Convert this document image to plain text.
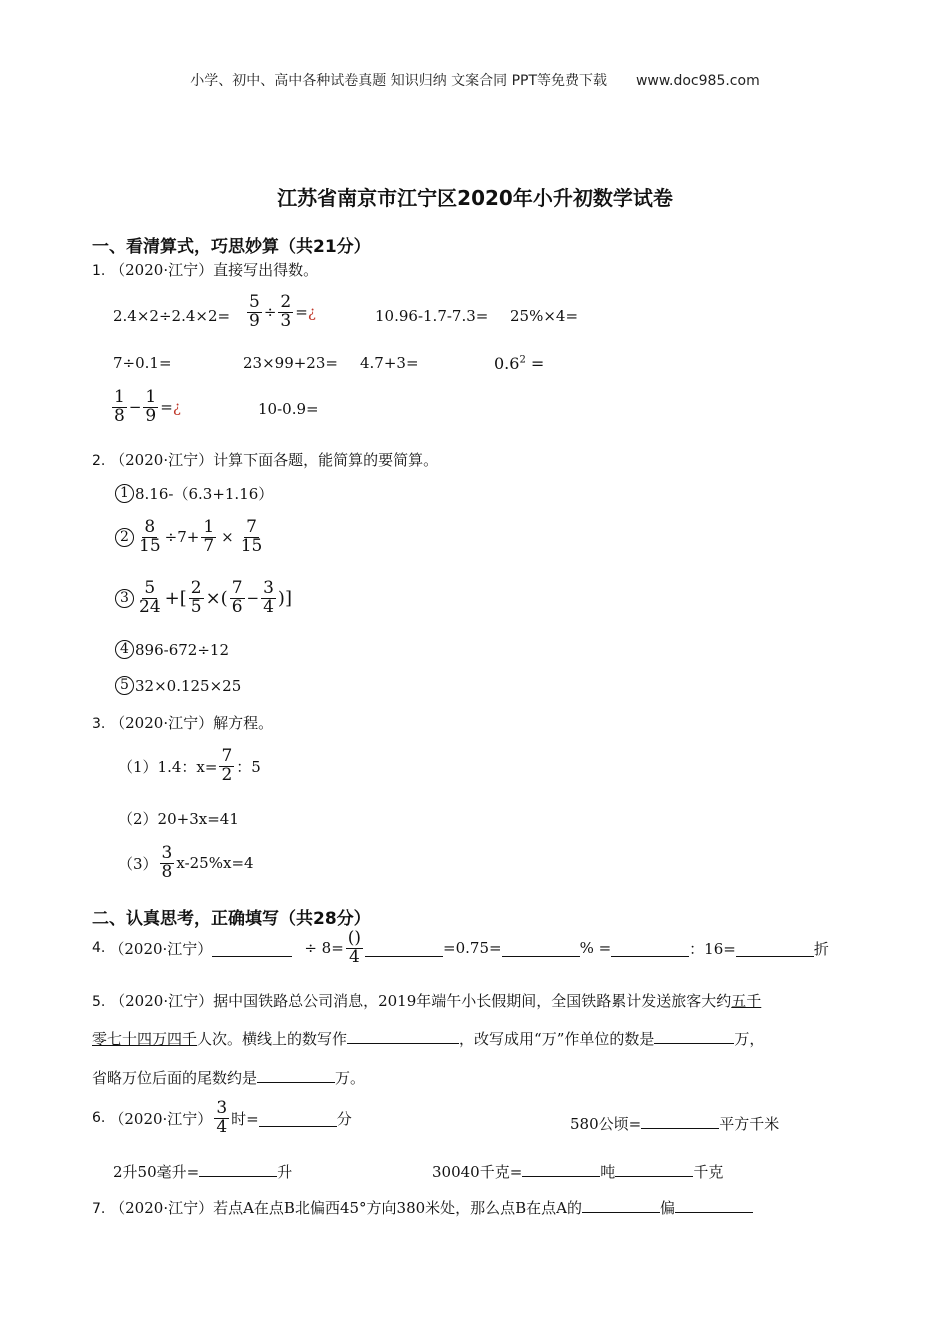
小学、初中、高中各种试卷真题 知识归纳 文案合同 PPT等免费下载 www.doc985.com
江苏省南京市江宁区2020年小升初数学试卷
一、看清算式，巧思妙算（共21分）
1. （2020·江宁）直接写出得数。
$2.4\times 2\div 2.4\times 2= \frac{5}{9} \div \frac{2}{3}$ = ¿	10.96-1.7-7.3= 25%×4=
7÷0.1=	23×99+23= 4.7+3=	$0.6^2$ =
$\frac{1}{8} - \frac{1}{9}$ = ¿	10-0.9=
2. （2020·江宁）计算下面各题，能简算的要简算。
1 8.16-（6.3+1.16）
$2 \frac{8}{15} \div 7+ \frac{1}{7} \times \frac{7}{15}$
$3 \frac{5}{24}$ +[ $\frac{2}{5}$ ×( $\frac{7}{6} - \frac{3}{4}$ )]
4 896-672÷12
5 32×0.125×25
3. （2020·江宁）解方程。
（1）1.4：$x= \frac{7}{2}$ ：5
（2）20+3x=41
$(3) \frac{3}{8} x-25\%x=4$
二、认真思考，正确填写（共28分）
4. （2020·江宁）	÷ $8= \frac{()}{4}$	=0.75=	% =	：16=	折
5. （2020·江宁）据中国铁路总公司消息，2019年端午小长假期间，全国铁路累计发送旅客大约五千
零七十四万四千人次。横线上的数写作	，改写成用“万”作单位的数是	万，
省略万位后面的尾数约是	万。
6. （2020·江宁） $\frac{3}{4}$ 时=	分	580公顷=	平方千米
2升50毫升=	升	30040千克=	吨	千克
7. （2020·江宁）若点A在点B北偏西45°方向380米处，那么点B在点A的	偏
